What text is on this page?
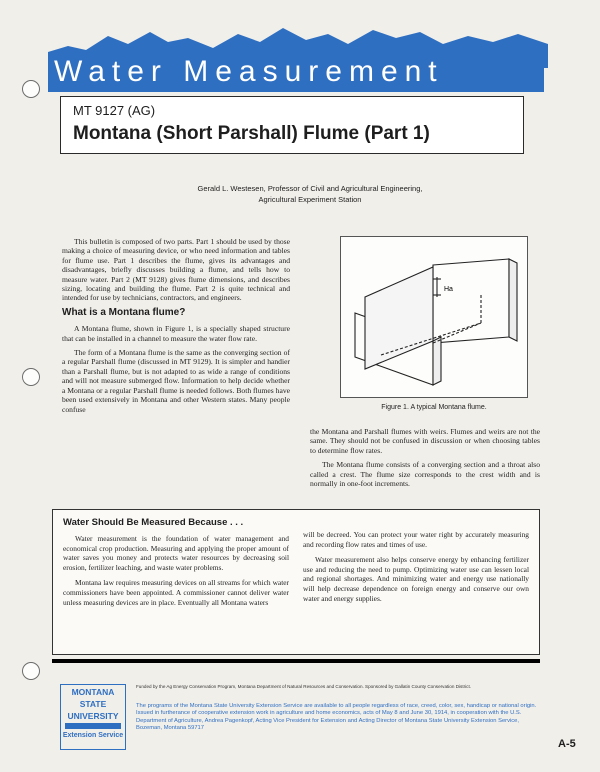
Water Measurement
MT 9127 (AG)
Montana (Short Parshall) Flume (Part 1)
Gerald L. Westesen, Professor of Civil and Agricultural Engineering,
Agricultural Experiment Station

This bulletin is composed of two parts. Part 1 should be used by those making a choice of measuring device, or who need information and tables for flume use. Part 1 describes the flume, gives its advantages and disadvantages, briefly discusses building a flume, and tells how to measure water. Part 2 (MT 9128) gives flume dimensions, and describes sizing, locating and building the flume. Part 2 is quite technical and intended for use by technicians, contractors, and engineers.

What is a Montana flume?

A Montana flume, shown in Figure 1, is a specially shaped structure that can be installed in a channel to measure the water flow rate.

The form of a Montana flume is the same as the converging section of a regular Parshall flume (discussed in MT 9129). It is simpler and handier than a Parshall flume, but is not adapted to as wide a range of conditions and will not measure submerged flow. Information to help decide whether a Montana or a regular Parshall flume is needed follows. Both flumes have been used extensively in Montana and other Western states. Many people confuse

Ha
Figure 1. A typical Montana flume.

the Montana and Parshall flumes with weirs. Flumes and weirs are not the same. They should not be confused in discussion or when choosing tables to determine flow rates.

The Montana flume consists of a converging section and a throat also called a crest. The flume size corresponds to the crest width and is normally in one-foot increments.

Water Should Be Measured Because . . .

Water measurement is the foundation of water management and economical crop production. Measuring and applying the proper amount of water saves you money and protects water resources by decreasing soil erosion, fertilizer leaching, and waste water problems.

Montana law requires measuring devices on all streams for which water commissioners have been appointed. A commissioner cannot deliver water unless measuring devices are in place. Eventually all Montana waters

will be decreed. You can protect your water right by accurately measuring and recording flow rates and times of use.

Water measurement also helps conserve energy by enhancing fertilizer use and reducing the need to pump. Optimizing water use can lessen local and regional shortages. And minimizing water and energy use nationally will help decrease dependence on foreign energy and conserve our own water and energy supplies.

MONTANA
STATE
UNIVERSITY

Extension Service
Funded by the Ag Energy Conservation Program, Montana Department of Natural Resources and Conservation. Sponsored by Gallatin County Conservation District.
The programs of the Montana State University Extension Service are available to all people regardless of race, creed, color, sex, handicap or national origin. Issued in furtherance of cooperative extension work in agriculture and home economics, acts of May 8 and June 30, 1914, in cooperation with the U.S. Department of Agriculture, Andrea Pagenkopf, Acting Vice President for Extension and Acting Director of Montana State University Extension Service, Bozeman, Montana 59717
A-5
